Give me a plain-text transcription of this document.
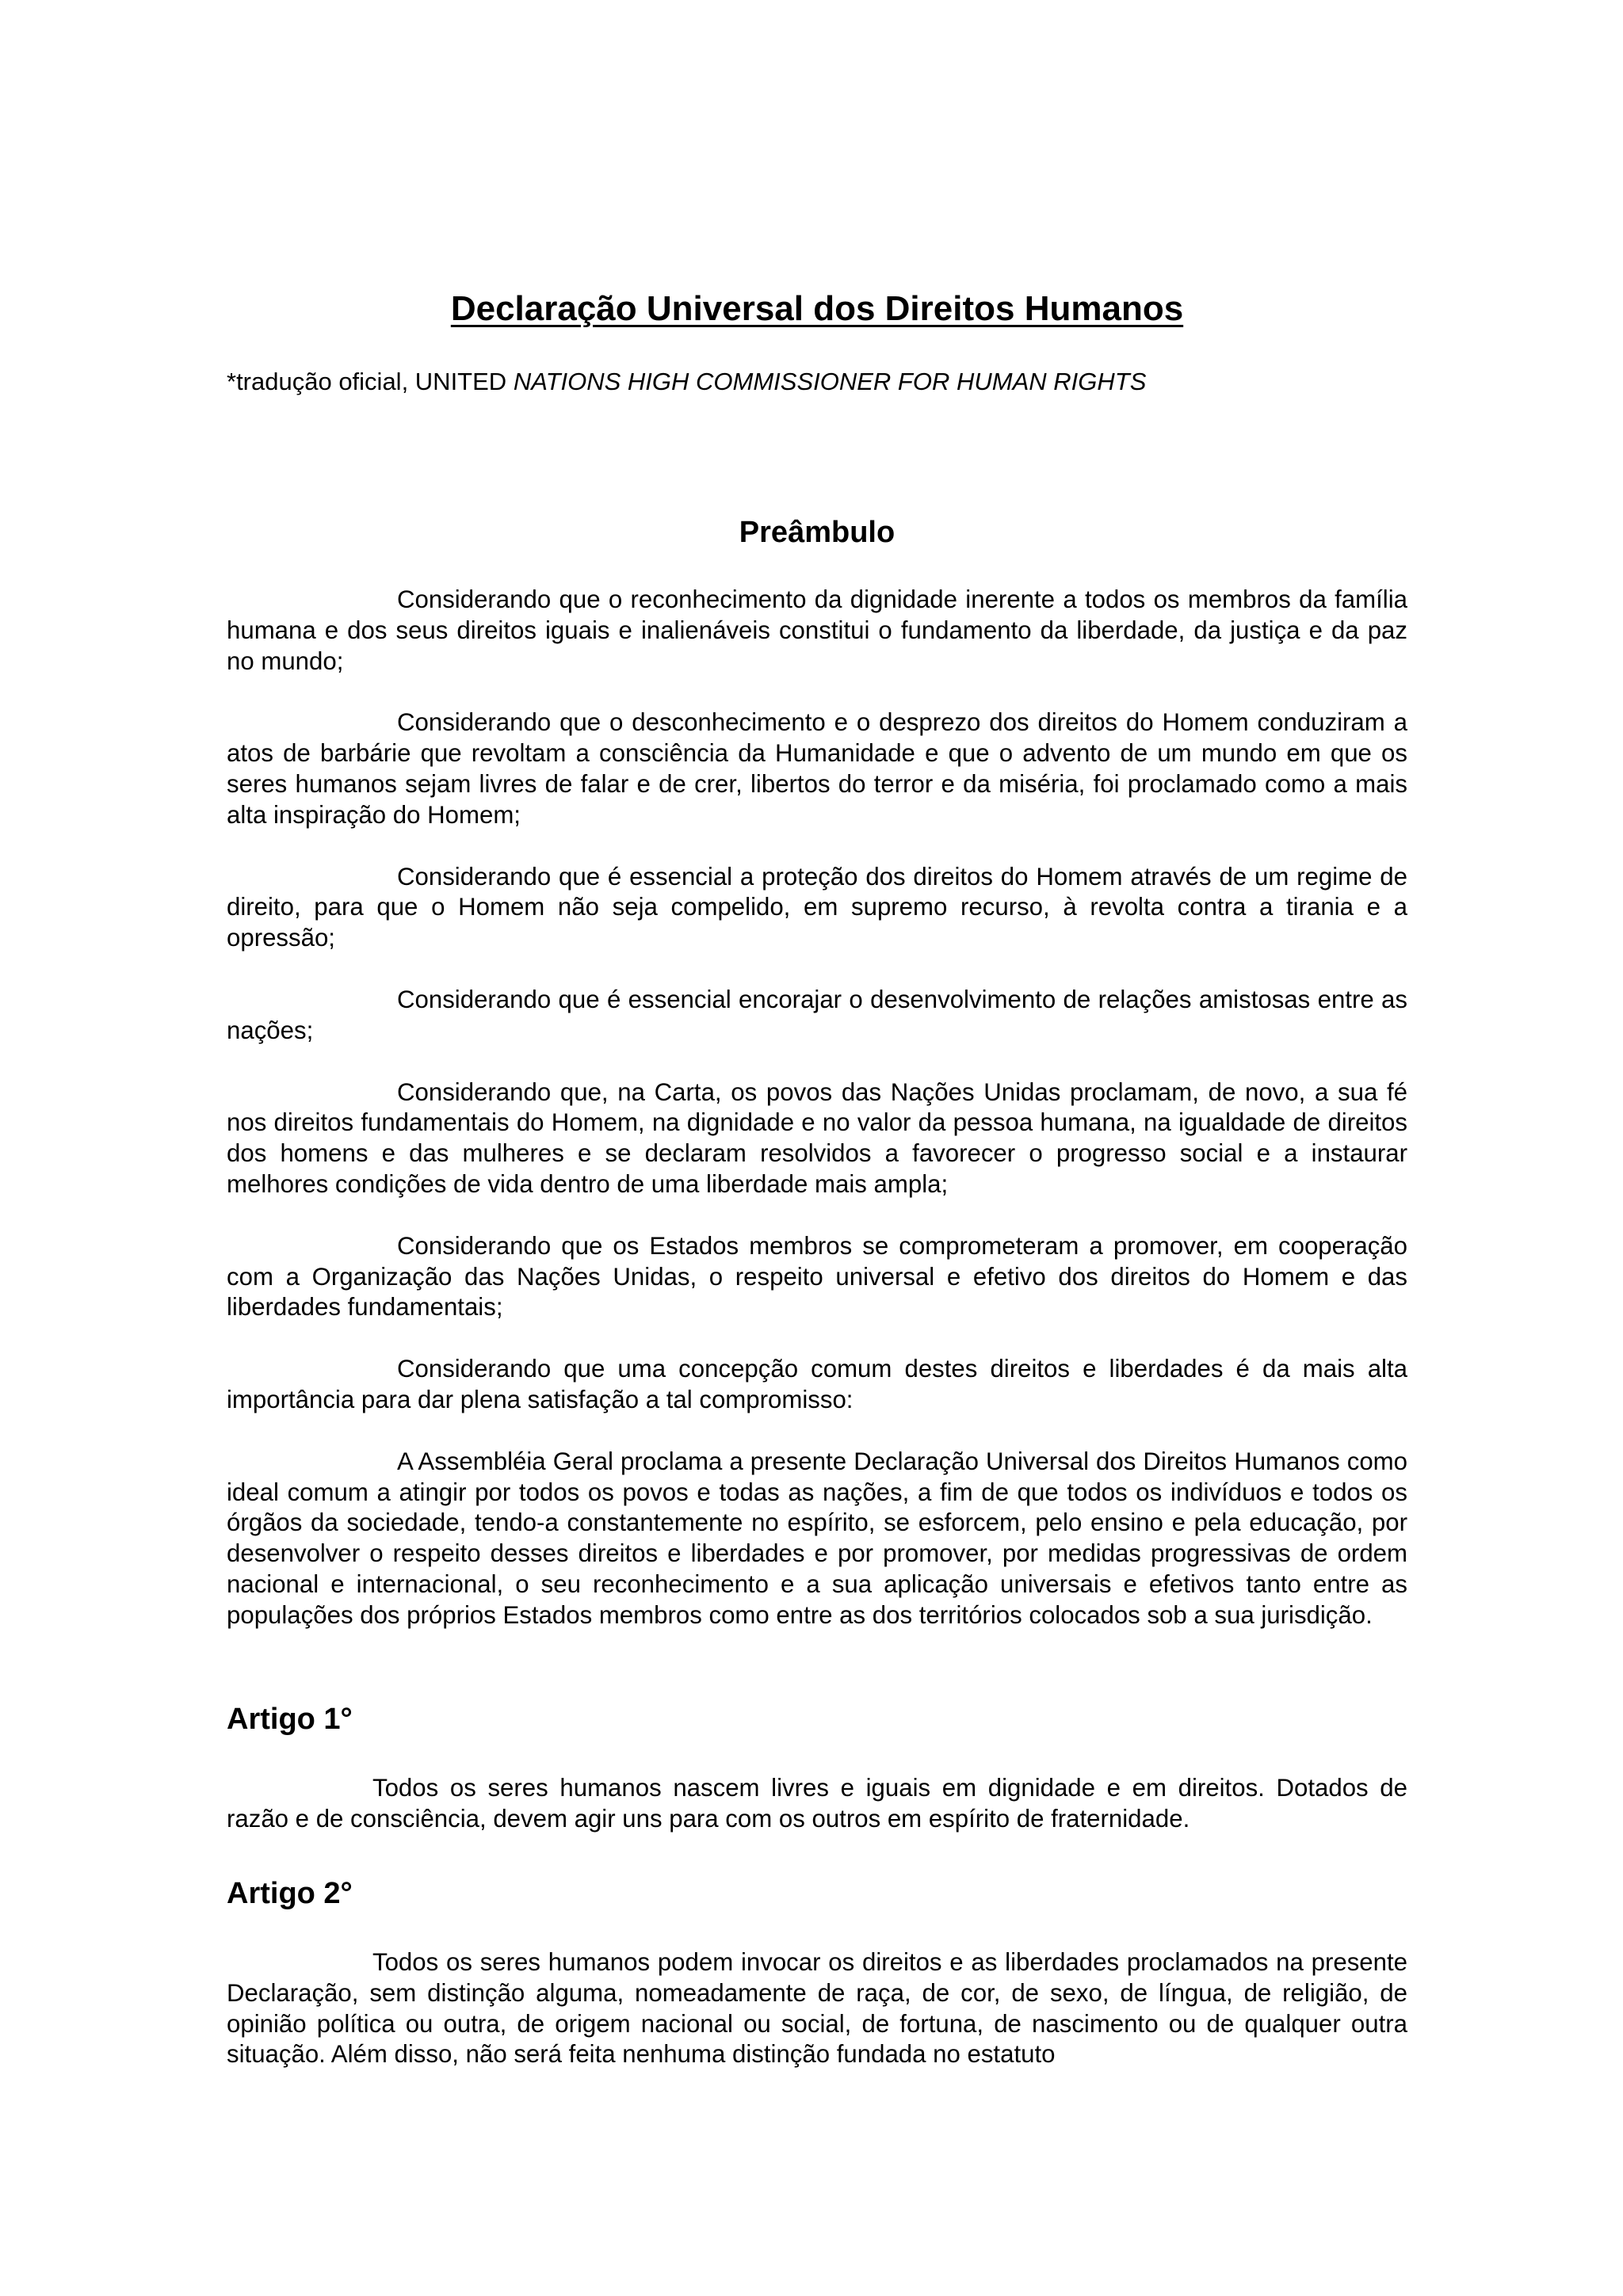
Declaração Universal dos Direitos Humanos

*tradução oficial, UNITED NATIONS HIGH COMMISSIONER FOR HUMAN RIGHTS

Preâmbulo

Considerando que o reconhecimento da dignidade inerente a todos os membros da família humana e dos seus direitos iguais e inalienáveis constitui o fundamento da liberdade, da justiça e da paz no mundo;

Considerando que o desconhecimento e o desprezo dos direitos do Homem conduziram a atos de barbárie que revoltam a consciência da Humanidade e que o advento de um mundo em que os seres humanos sejam livres de falar e de crer, libertos do terror e da miséria, foi proclamado como a mais alta inspiração do Homem;

Considerando que é essencial a proteção dos direitos do Homem através de um regime de direito, para que o Homem não seja compelido, em supremo recurso, à revolta contra a tirania e a opressão;

Considerando que é essencial encorajar o desenvolvimento de relações amistosas entre as nações;

Considerando que, na Carta, os povos das Nações Unidas proclamam, de novo, a sua fé nos direitos fundamentais do Homem, na dignidade e no valor da pessoa humana, na igualdade de direitos dos homens e das mulheres e se declaram resolvidos a favorecer o progresso social e a instaurar melhores condições de vida dentro de uma liberdade mais ampla;

Considerando que os Estados membros se comprometeram a promover, em cooperação com a Organização das Nações Unidas, o respeito universal e efetivo dos direitos do Homem e das liberdades fundamentais;

Considerando que uma concepção comum destes direitos e liberdades é da mais alta importância para dar plena satisfação a tal compromisso:

A Assembléia Geral proclama a presente Declaração Universal dos Direitos Humanos como ideal comum a atingir por todos os povos e todas as nações, a fim de que todos os indivíduos e todos os órgãos da sociedade, tendo-a constantemente no espírito, se esforcem, pelo ensino e pela educação, por desenvolver o respeito desses direitos e liberdades e por promover, por medidas progressivas de ordem nacional e internacional, o seu reconhecimento e a sua aplicação universais e efetivos tanto entre as populações dos próprios Estados membros como entre as dos territórios colocados sob a sua jurisdição.

Artigo 1°

Todos os seres humanos nascem livres e iguais em dignidade e em direitos. Dotados de razão e de consciência, devem agir uns para com os outros em espírito de fraternidade.

Artigo 2°

Todos os seres humanos podem invocar os direitos e as liberdades proclamados na presente Declaração, sem distinção alguma, nomeadamente de raça, de cor, de sexo, de língua, de religião, de opinião política ou outra, de origem nacional ou social, de fortuna, de nascimento ou de qualquer outra situação. Além disso, não será feita nenhuma distinção fundada no estatuto
